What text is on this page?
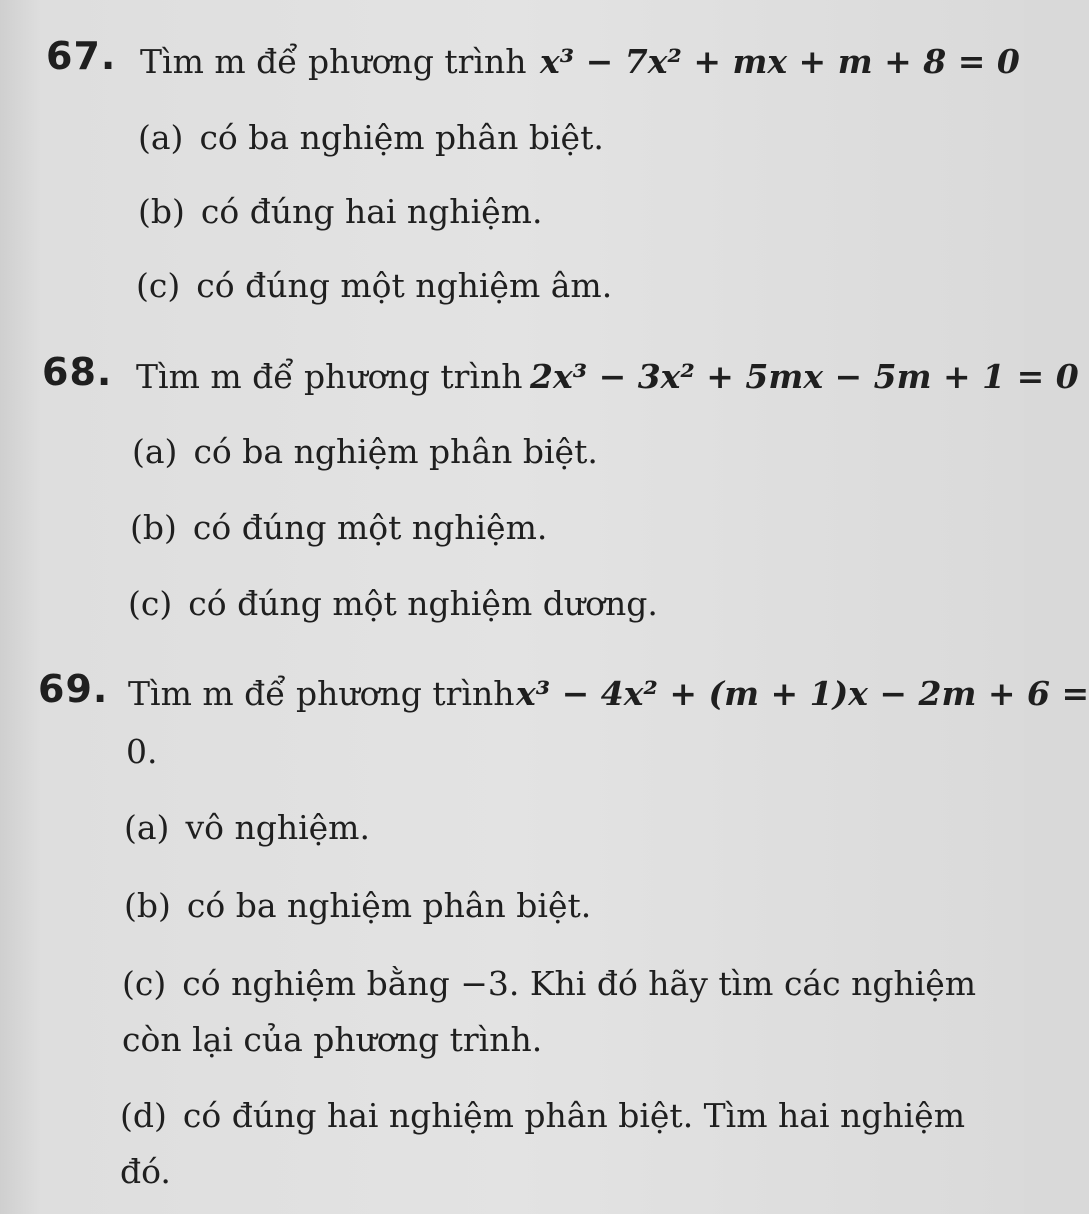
67. Tìm m để phương trình x³ − 7x² + mx + m + 8 = 0
(a) có ba nghiệm phân biệt.
(b) có đúng hai nghiệm.
(c) có đúng một nghiệm âm.
68. Tìm m để phương trình 2x³ − 3x² + 5mx − 5m + 1 = 0
(a) có ba nghiệm phân biệt.
(b) có đúng một nghiệm.
(c) có đúng một nghiệm dương.
69. Tìm m để phương trình x³ − 4x² + (m + 1)x − 2m + 6 =
0.
(a) vô nghiệm.
(b) có ba nghiệm phân biệt.
(c) có nghiệm bằng −3. Khi đó hãy tìm các nghiệm
còn lại của phương trình.
(d) có đúng hai nghiệm phân biệt. Tìm hai nghiệm
đó.
